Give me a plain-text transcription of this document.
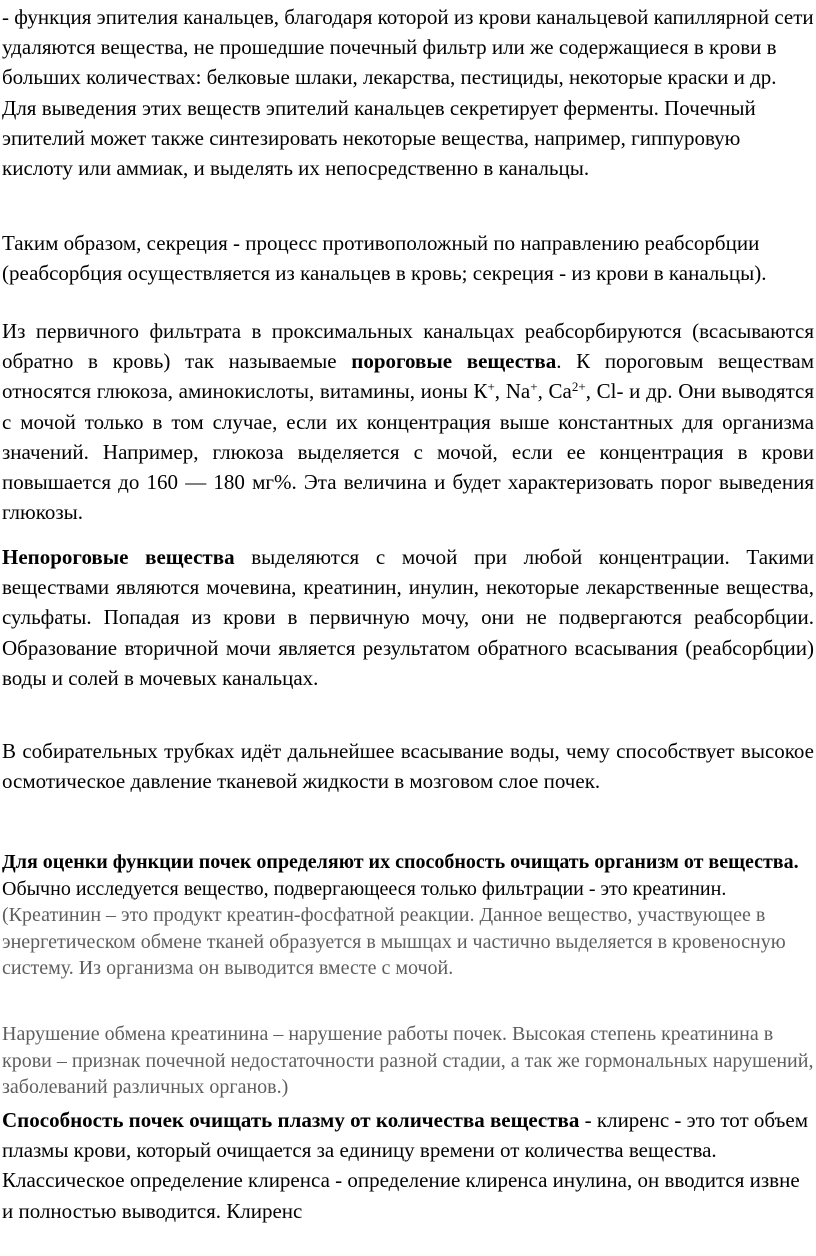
- функция эпителия канальцев, благодаря которой из крови канальцевой капиллярной сети удаляются вещества, не прошедшие почечный фильтр или же содержащиеся в крови в больших количествах: белковые шлаки, лекарства, пестициды, некоторые краски и др. Для выведения этих веществ эпителий канальцев секретирует ферменты. Почечный эпителий может также синтезировать некоторые вещества, например, гиппуровую кислоту или аммиак, и выделять их непосредственно в канальцы.

Таким образом, секреция - процесс противоположный по направлению реабсорбции (реабсорбция осуществляется из канальцев в кровь; секреция - из крови в канальцы).

Из первичного фильтрата в проксимальных канальцах реабсорбируются (всасываются обратно в кровь) так называемые пороговые вещества. К пороговым веществам относятся глюкоза, аминокислоты, витамины, ионы К+, Na+, $Са^{2+}$, Cl- и др. Они выводятся с мочой только в том случае, если их концентрация выше константных для организма значений. Например, глюкоза выделяется с мочой, если ее концентрация в крови повышается до 160 — 180 мг%. Эта величина и будет характеризовать порог выведения глюкозы.

Непороговые вещества выделяются с мочой при любой концентрации. Такими веществами являются мочевина, креатинин, инулин, некоторые лекарственные вещества, сульфаты. Попадая из крови в первичную мочу, они не подвергаются реабсорбции. Образование вторичной мочи является результатом обратного всасывания (реабсорбции) воды и солей в мочевых канальцах.

В собирательных трубках идёт дальнейшее всасывание воды, чему способствует высокое осмотическое давление тканевой жидкости в мозговом слое почек.

Для оценки функции почек определяют их способность очищать организм от вещества. Обычно исследуется вещество, подвергающееся только фильтрации - это креатинин. (Креатинин – это продукт креатин-фосфатной реакции. Данное вещество, участвующее в энергетическом обмене тканей образуется в мышцах и частично выделяется в кровеносную систему. Из организма он выводится вместе с мочой.

Нарушение обмена креатинина – нарушение работы почек. Высокая степень креатинина в крови – признак почечной недостаточности разной стадии, а так же гормональных нарушений, заболеваний различных органов.)

Способность почек очищать плазму от количества вещества - клиренс - это тот объем плазмы крови, который очищается за единицу времени от количества вещества. Классическое определение клиренса - определение клиренса инулина, он вводится извне и полностью выводится. Клиренс
